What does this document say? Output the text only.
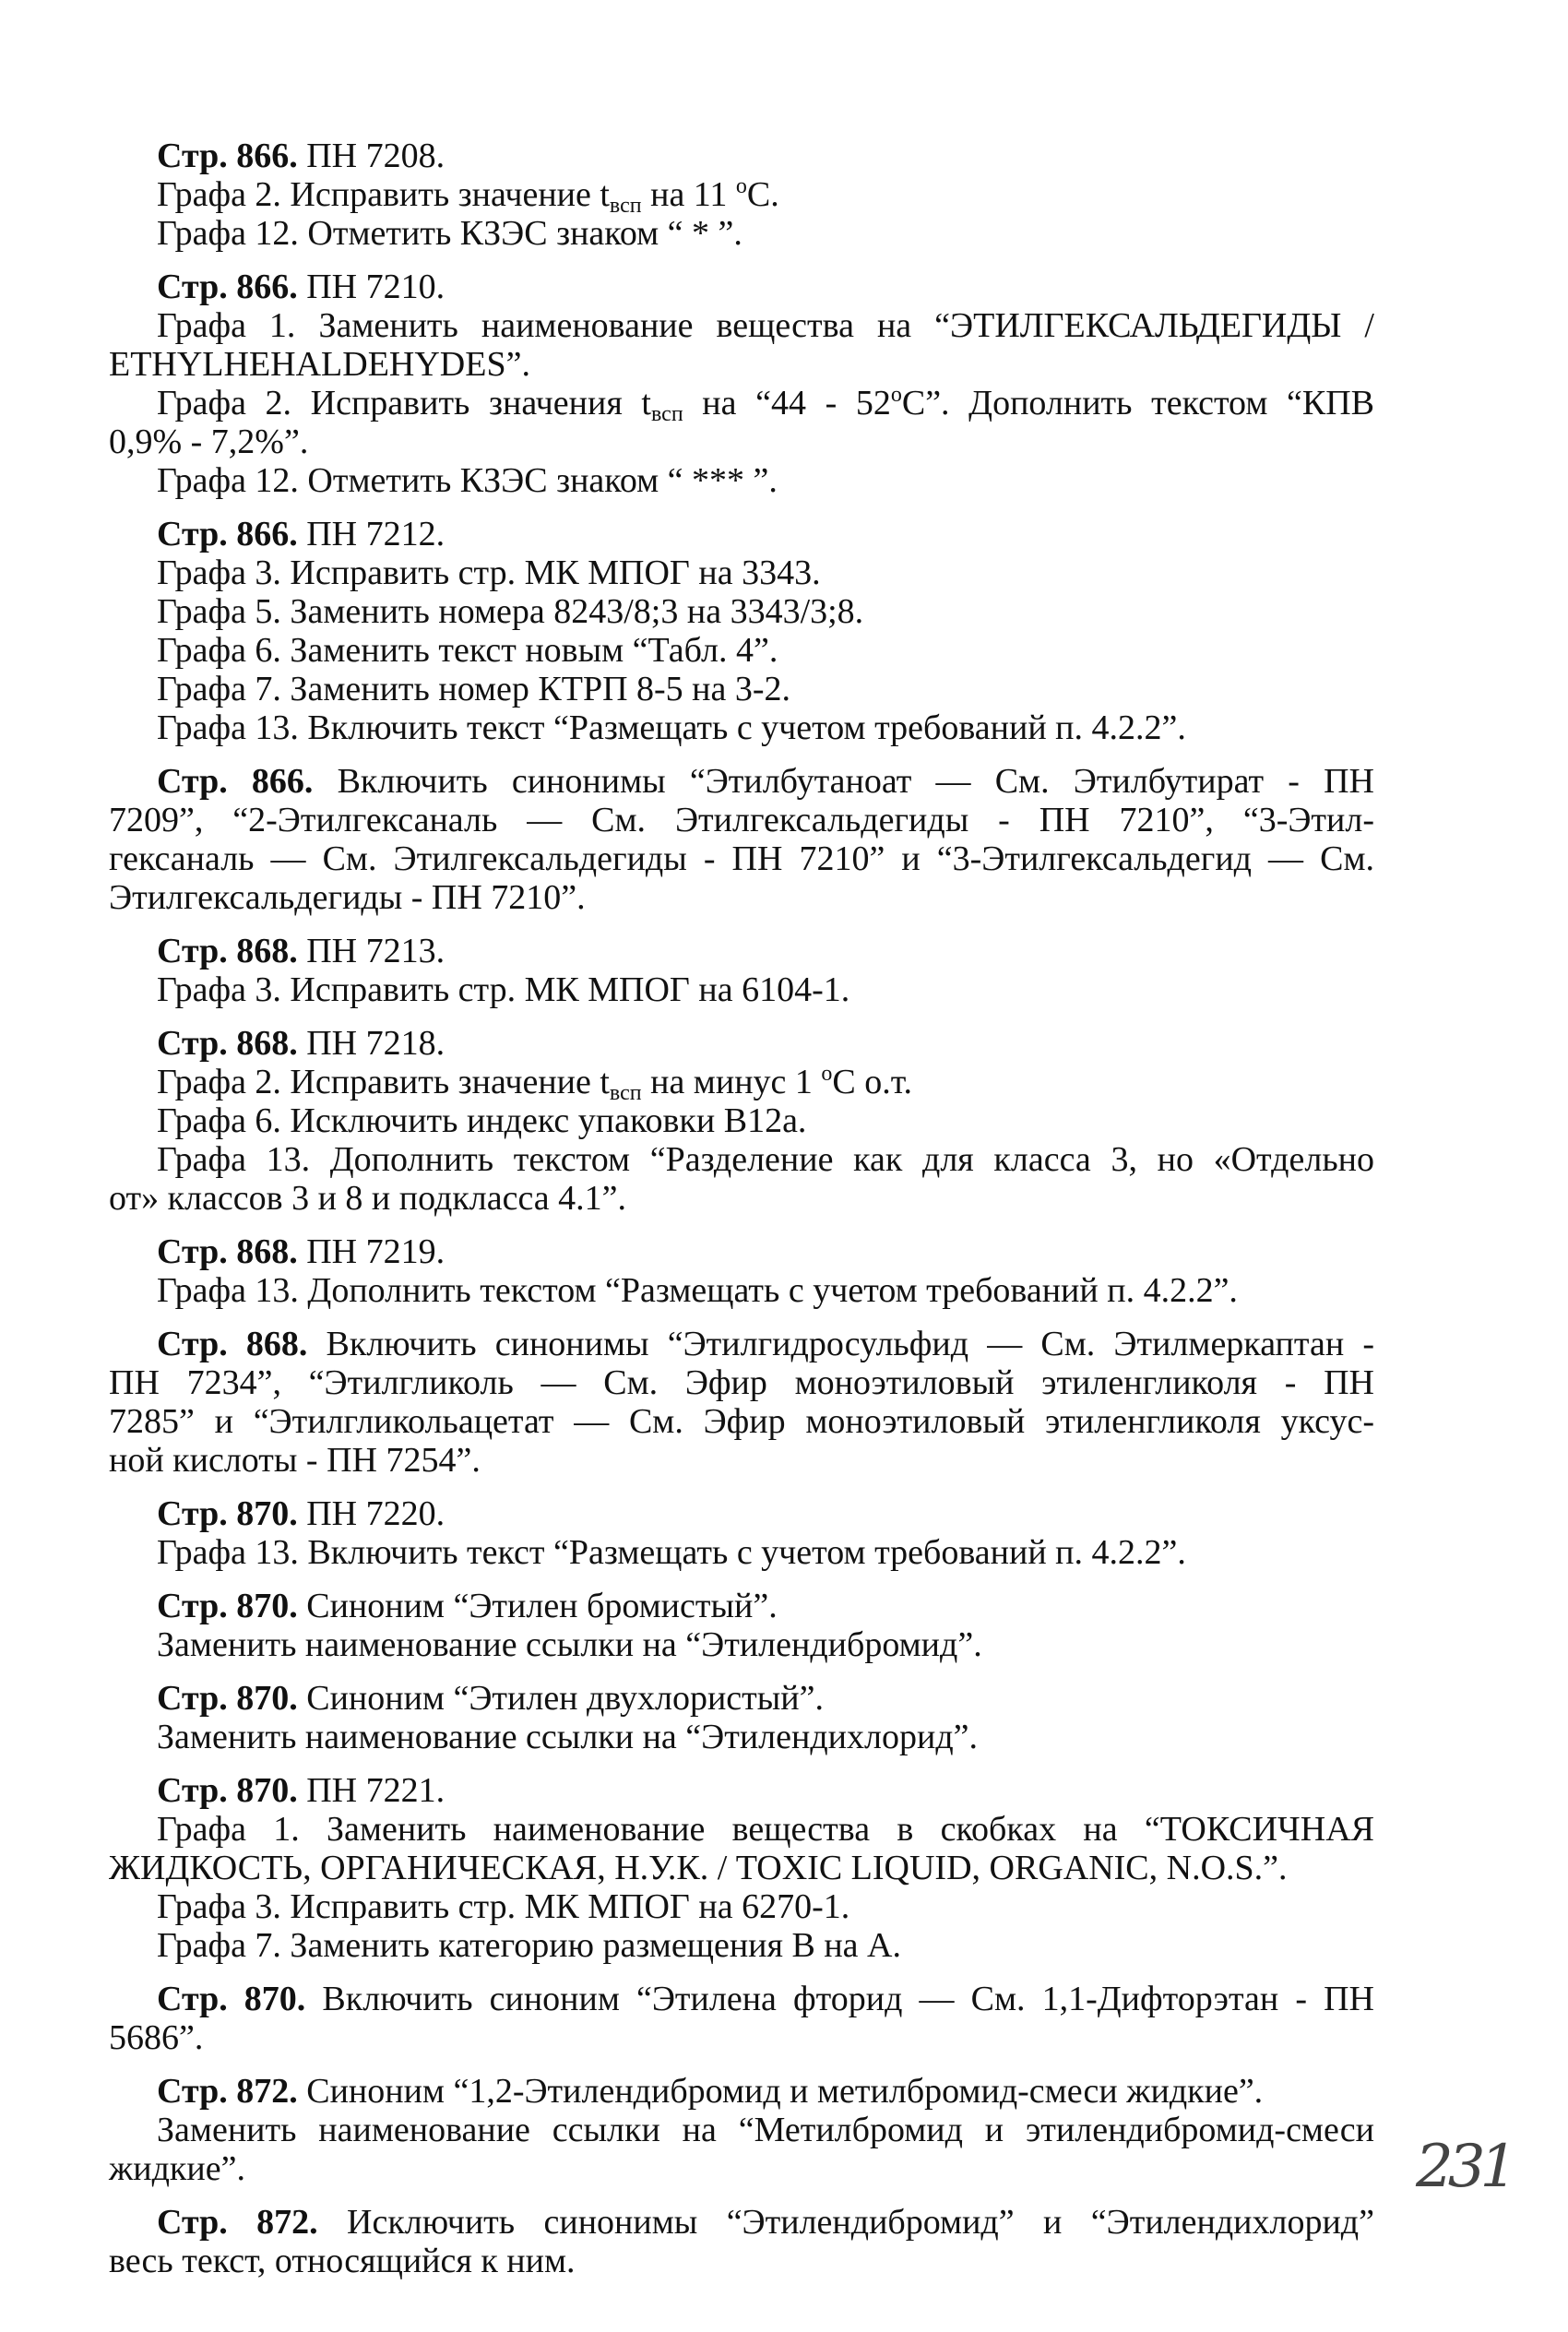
Стр. 866. ПН 7208.
Графа 2. Исправить значение $t_{всп}$ на 11 $^о$С.
Графа 12. Отметить КЗЭС знаком “ * ”.
Стр. 866. ПН 7210.
Графа 1. Заменить наименование вещества на “ЭТИЛГЕКСАЛЬДЕГИДЫ /
ETHYLHEHALDEHYDES”.
Графа 2. Исправить значения $t_{всп}$ на “$44 - 52^оС$”. Дополнить текстом “КПВ
0,9% - 7,2%”.
Графа 12. Отметить КЗЭС знаком “ *** ”.
Стр. 866. ПН 7212.
Графа 3. Исправить стр. МК МПОГ на 3343.
Графа 5. Заменить номера 8243/8;3 на 3343/3;8.
Графа 6. Заменить текст новым “Табл. 4”.
Графа 7. Заменить номер КТРП 8-5 на 3-2.
Графа 13. Включить текст “Размещать с учетом требований п. 4.2.2”.
Стр. 866. Включить синонимы “Этилбутаноат — См. Этилбутират - ПН
7209”, “2-Этилгексаналь — См. Этилгексальдегиды - ПН 7210”, “3-Этил-
гексаналь — См. Этилгексальдегиды - ПН 7210” и “3-Этилгексальдегид — См.
Этилгексальдегиды - ПН 7210”.
Стр. 868. ПН 7213.
Графа 3. Исправить стр. МК МПОГ на 6104-1.
Стр. 868. ПН 7218.
Графа 2. Исправить значение $t_{всп}$ на минус 1 $^о$С о.т.
Графа 6. Исключить индекс упаковки В12а.
Графа 13. Дополнить текстом “Разделение как для класса 3, но «Отдельно
от» классов 3 и 8 и подкласса 4.1”.
Стр. 868. ПН 7219.
Графа 13. Дополнить текстом “Размещать с учетом требований п. 4.2.2”.
Стр. 868. Включить синонимы “Этилгидросульфид — См. Этилмеркаптан -
ПН 7234”, “Этилгликоль — См. Эфир моноэтиловый этиленгликоля - ПН
7285” и “Этилгликольацетат — См. Эфир моноэтиловый этиленгликоля уксус-
ной кислоты - ПН 7254”.
Стр. 870. ПН 7220.
Графа 13. Включить текст “Размещать с учетом требований п. 4.2.2”.
Стр. 870. Синоним “Этилен бромистый”.
Заменить наименование ссылки на “Этилендибромид”.
Стр. 870. Синоним “Этилен двухлористый”.
Заменить наименование ссылки на “Этилендихлорид”.
Стр. 870. ПН 7221.
Графа 1. Заменить наименование вещества в скобках на “ТОКСИЧНАЯ
ЖИДКОСТЬ, ОРГАНИЧЕСКАЯ, Н.У.К. / TOXIC LIQUID, ORGANIC, N.O.S.”.
Графа 3. Исправить стр. МК МПОГ на 6270-1.
Графа 7. Заменить категорию размещения В на А.
Стр. 870. Включить синоним “Этилена фторид — См. 1,1-Дифторэтан - ПН
5686”.
Стр. 872. Синоним “1,2-Этилендибромид и метилбромид-смеси жидкие”.
Заменить наименование ссылки на “Метилбромид и этилендибромид-смеси
жидкие”.
Стр. 872. Исключить синонимы “Этилендибромид” и “Этилендихлорид”
весь текст, относящийся к ним.
231
